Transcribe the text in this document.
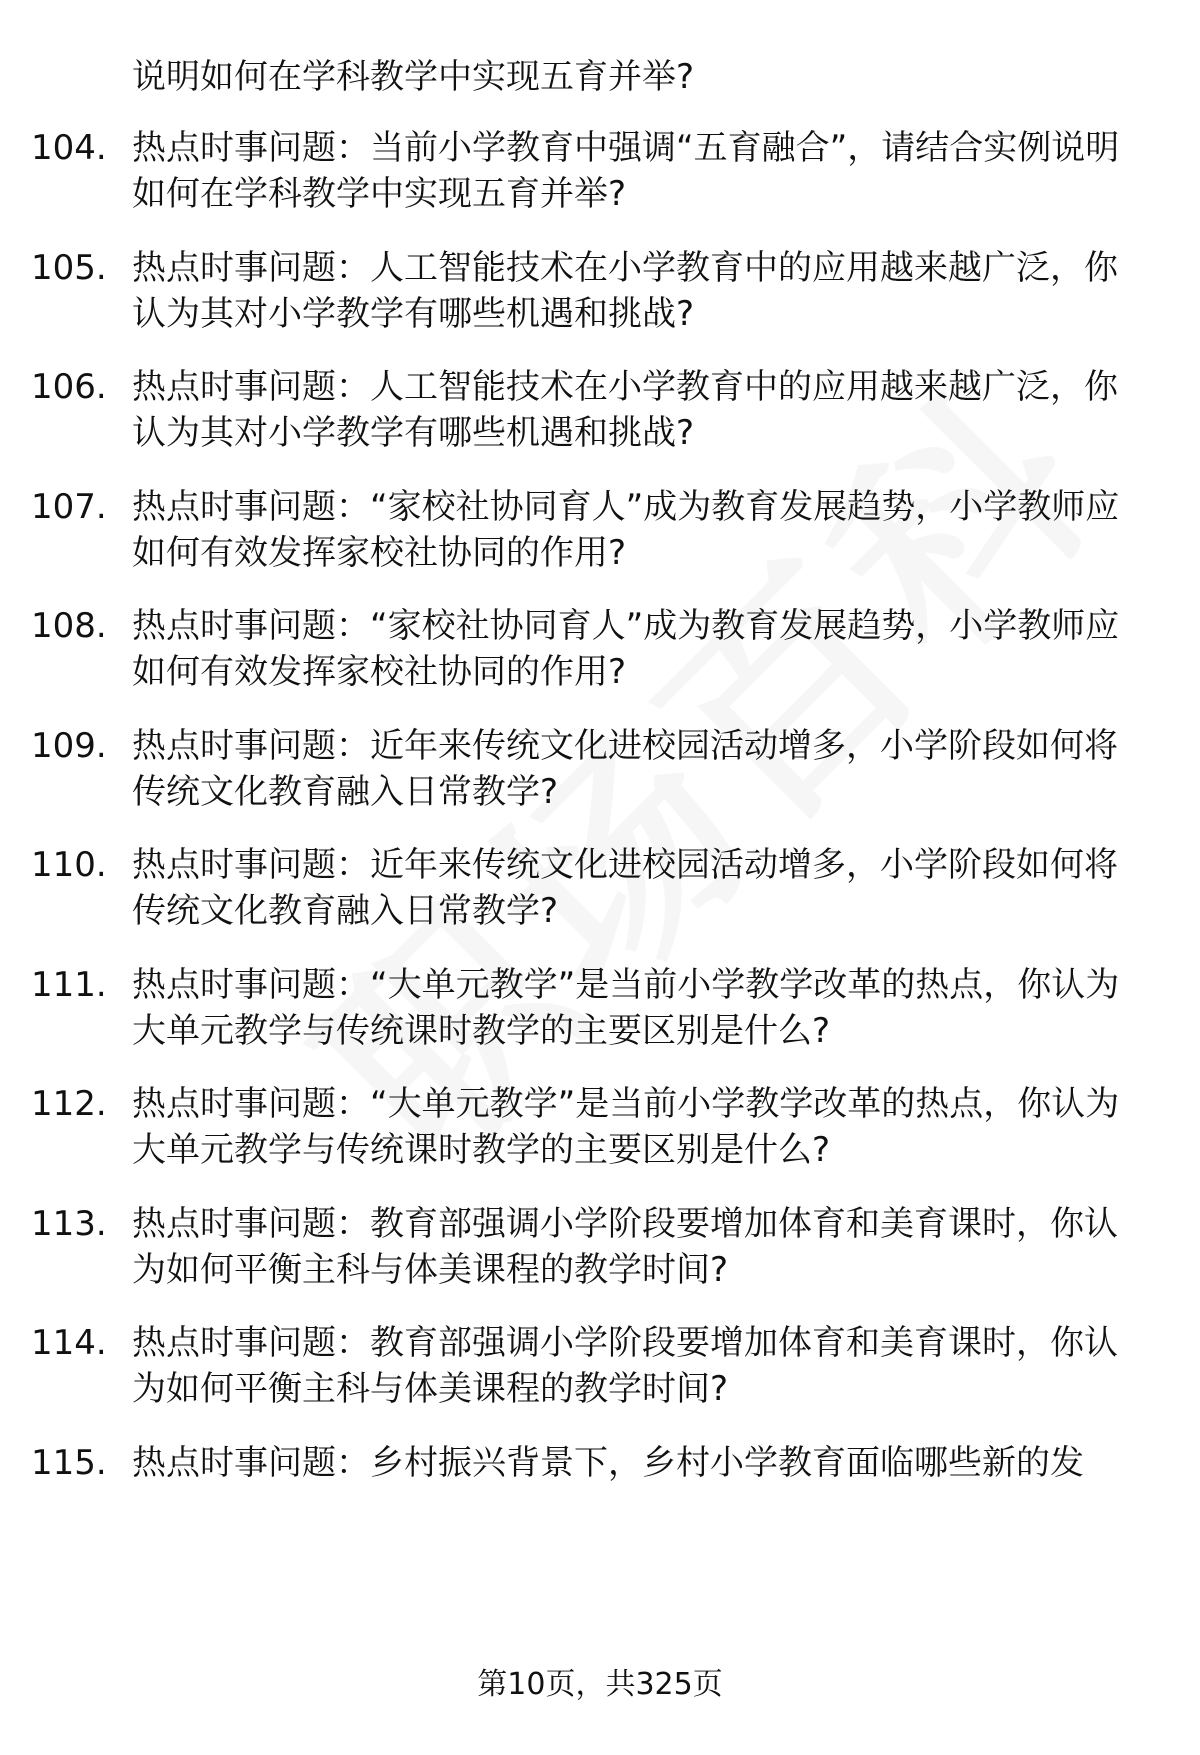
说明如何在学科教学中实现五育并举?
104. 热点时事问题：当前小学教育中强调“五育融合”，请结合实例说明如何在学科教学中实现五育并举?
105. 热点时事问题：人工智能技术在小学教育中的应用越来越广泛，你认为其对小学教学有哪些机遇和挑战?
106. 热点时事问题：人工智能技术在小学教育中的应用越来越广泛，你认为其对小学教学有哪些机遇和挑战?
107. 热点时事问题：“家校社协同育人”成为教育发展趋势，小学教师应如何有效发挥家校社协同的作用?
108. 热点时事问题：“家校社协同育人”成为教育发展趋势，小学教师应如何有效发挥家校社协同的作用?
109. 热点时事问题：近年来传统文化进校园活动增多，小学阶段如何将传统文化教育融入日常教学?
110. 热点时事问题：近年来传统文化进校园活动增多，小学阶段如何将传统文化教育融入日常教学?
111. 热点时事问题：“大单元教学”是当前小学教学改革的热点，你认为大单元教学与传统课时教学的主要区别是什么?
112. 热点时事问题：“大单元教学”是当前小学教学改革的热点，你认为大单元教学与传统课时教学的主要区别是什么?
113. 热点时事问题：教育部强调小学阶段要增加体育和美育课时，你认为如何平衡主科与体美课程的教学时间?
114. 热点时事问题：教育部强调小学阶段要增加体育和美育课时，你认为如何平衡主科与体美课程的教学时间?
115. 热点时事问题：乡村振兴背景下，乡村小学教育面临哪些新的发
第10页，共325页
